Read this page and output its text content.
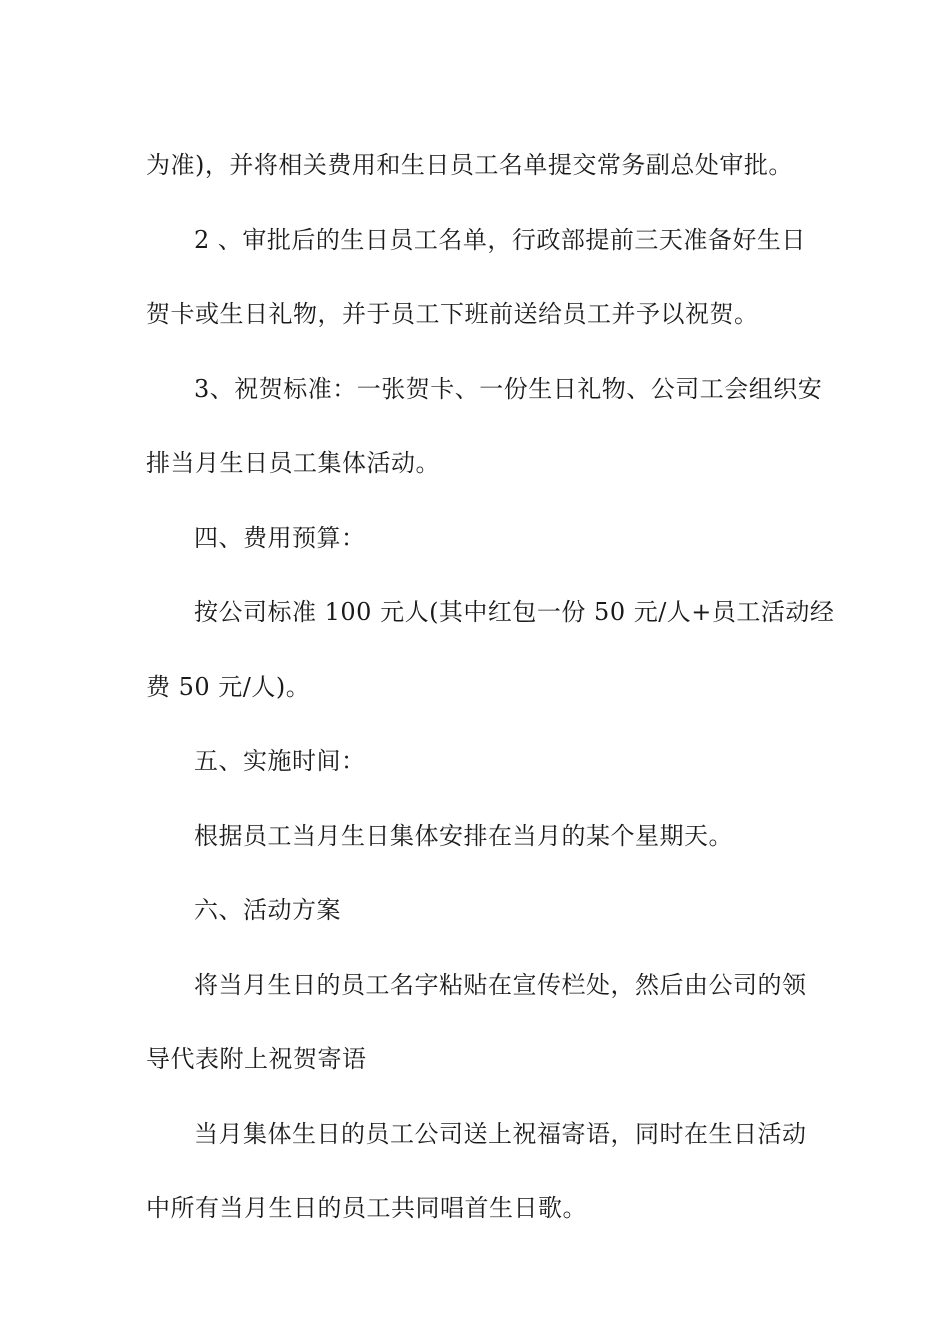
为准)，并将相关费用和生日员工名单提交常务副总处审批。
2 、审批后的生日员工名单，行政部提前三天准备好生日
贺卡或生日礼物，并于员工下班前送给员工并予以祝贺。
3、祝贺标准：一张贺卡、一份生日礼物、公司工会组织安
排当月生日员工集体活动。
四、费用预算：
按公司标准 100 元人(其中红包一份 50 元/人+员工活动经
费 50 元/人)。
五、实施时间：
根据员工当月生日集体安排在当月的某个星期天。
六、活动方案
将当月生日的员工名字粘贴在宣传栏处，然后由公司的领
导代表附上祝贺寄语
当月集体生日的员工公司送上祝福寄语，同时在生日活动
中所有当月生日的员工共同唱首生日歌。
